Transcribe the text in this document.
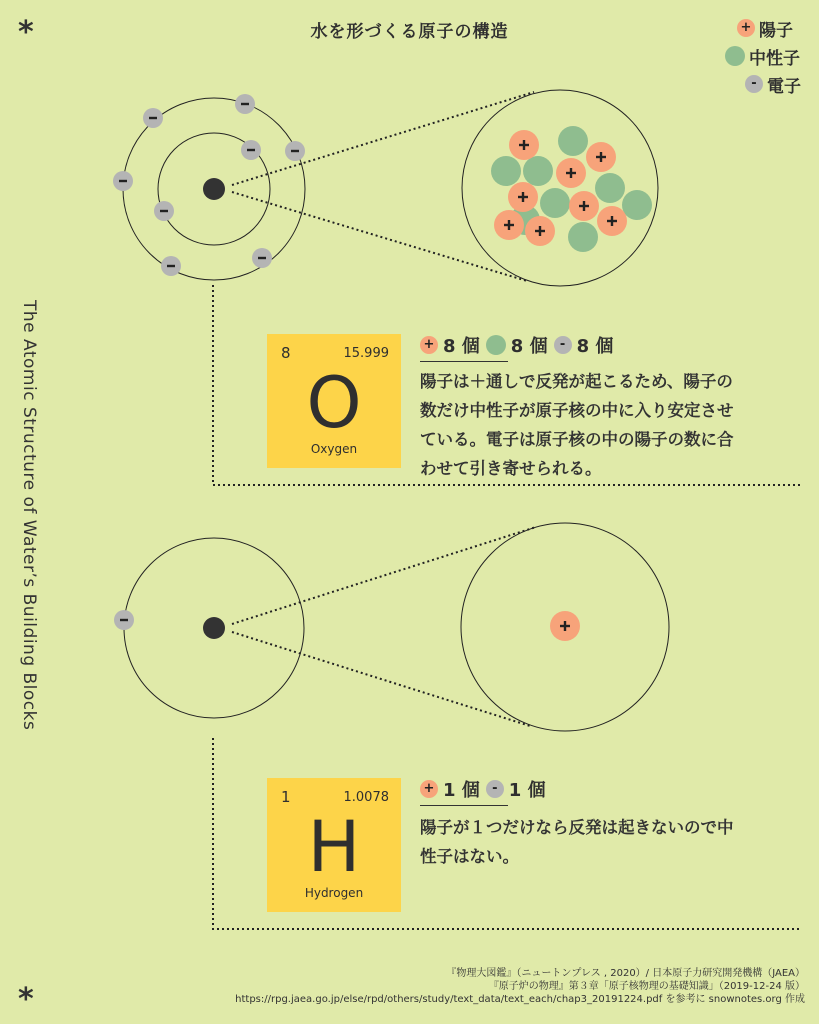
*
*
水を形づくる原子の構造	+ 陽子
中性子
- 電子
The Atomic Structure of Water’s Building Blocks	8	15.999
O
Oxygen
+ 8 個 8 個 - 8 個
陽子は＋通しで反発が起こるため、陽子の
数だけ中性子が原子核の中に入り安定させ
ている。電子は原子核の中の陽子の数に合
わせて引き寄せられる。
1	1.0078
H
Hydrogen
+ 1 個 - 1 個
陽子が１つだけなら反発は起きないので中
性子はない。
『物理大図鑑』（ニュートンプレス , 2020）/ 日本原子力研究開発機構（JAEA）
『原子炉の物理』第３章「原子核物理の基礎知識」（2019-12-24 版）
https://rpg.jaea.go.jp/else/rpd/others/study/text_data/text_each/chap3_20191224.pdf を参考に snownotes.org 作成
